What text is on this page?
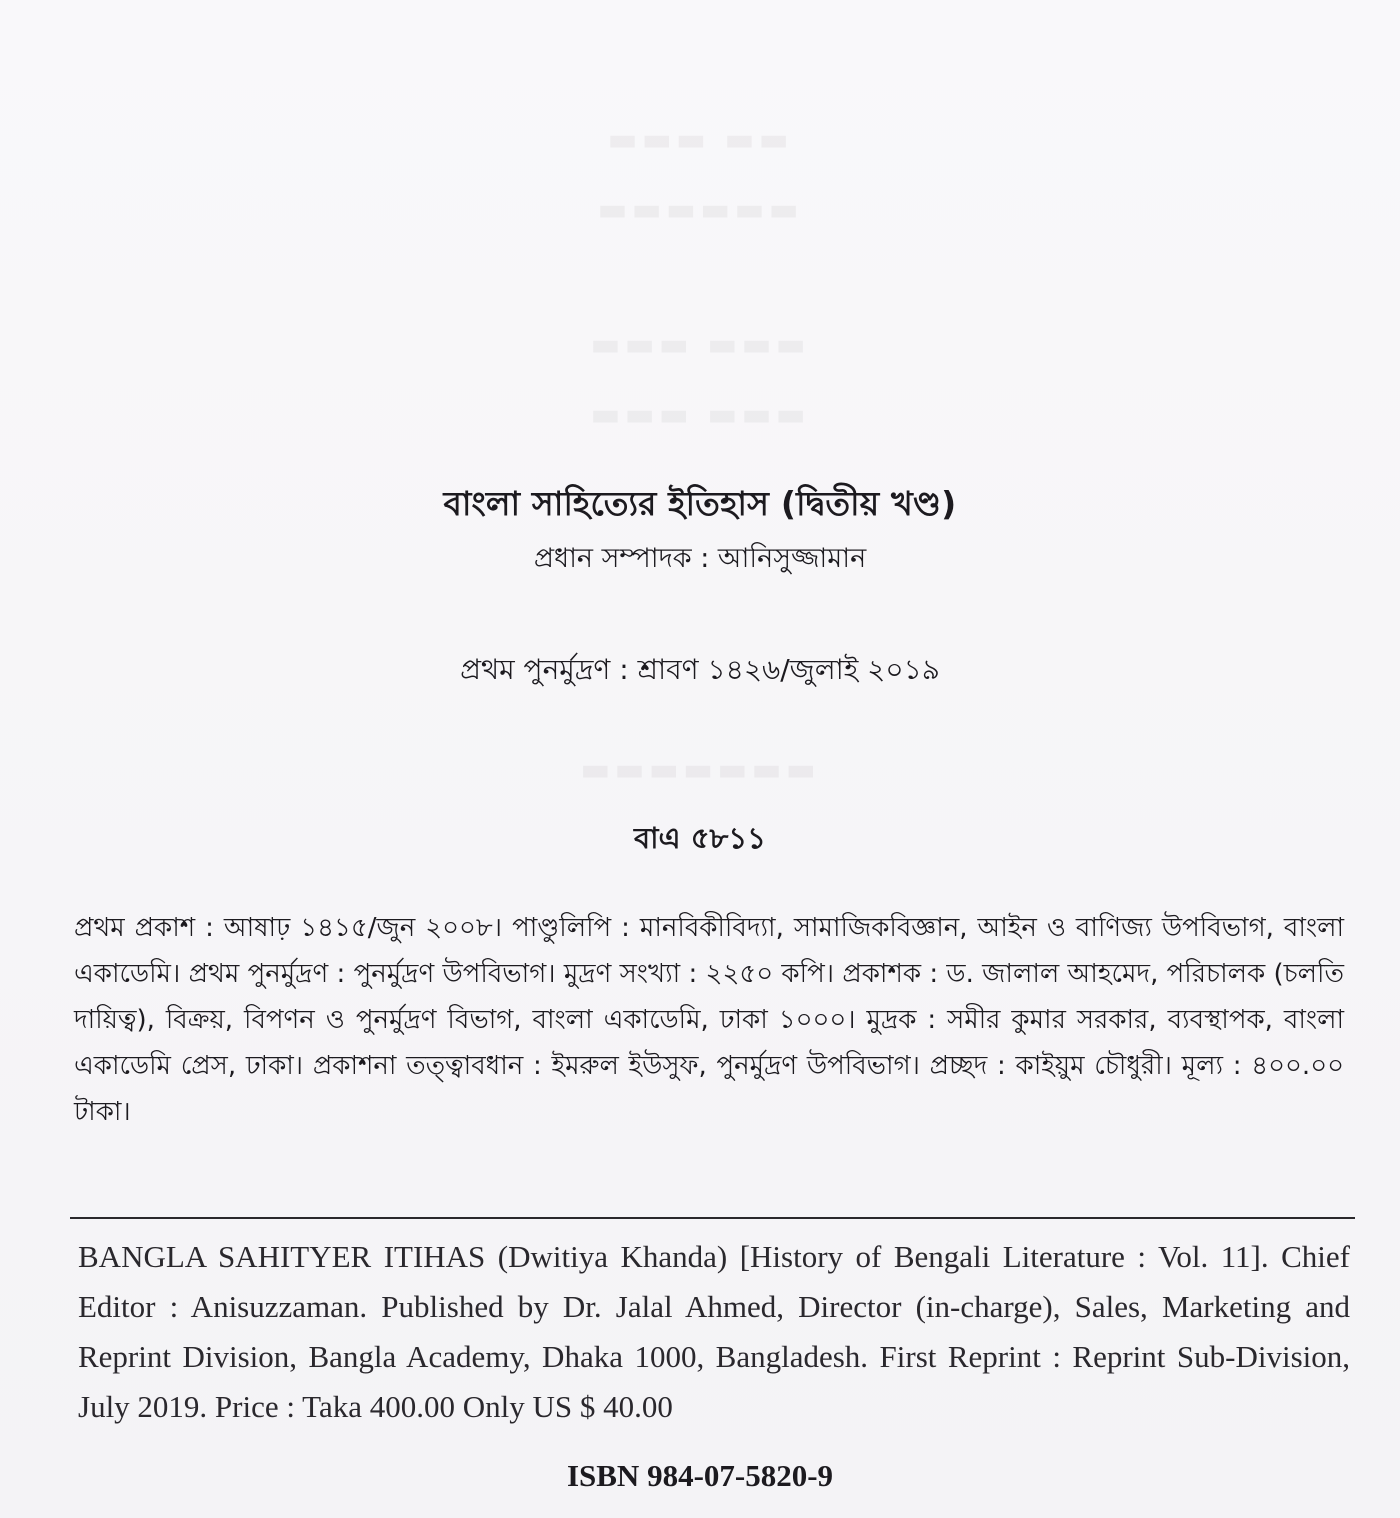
▬▬▬ ▬▬
▬▬▬▬▬▬
▬▬▬ ▬▬▬
▬▬▬ ▬▬▬
▬▬▬▬▬▬▬
বাংলা সাহিত্যের ইতিহাস (দ্বিতীয় খণ্ড)
প্রধান সম্পাদক : আনিসুজ্জামান
প্রথম পুনর্মুদ্রণ : শ্রাবণ ১৪২৬/জুলাই ২০১৯
বাএ ৫৮১১
প্রথম প্রকাশ : আষাঢ় ১৪১৫/জুন ২০০৮। পাণ্ডুলিপি : মানবিকীবিদ্যা, সামাজিকবিজ্ঞান, আইন ও বাণিজ্য উপবিভাগ, বাংলা একাডেমি। প্রথম পুনর্মুদ্রণ : পুনর্মুদ্রণ উপবিভাগ। মুদ্রণ সংখ্যা : ২২৫০ কপি। প্রকাশক : ড. জালাল আহমেদ, পরিচালক (চলতি দায়িত্ব), বিক্রয়, বিপণন ও পুনর্মুদ্রণ বিভাগ, বাংলা একাডেমি, ঢাকা ১০০০। মুদ্রক : সমীর কুমার সরকার, ব্যবস্থাপক, বাংলা একাডেমি প্রেস, ঢাকা। প্রকাশনা তত্ত্বাবধান : ইমরুল ইউসুফ, পুনর্মুদ্রণ উপবিভাগ। প্রচ্ছদ : কাইয়ুম চৌধুরী। মূল্য : ৪০০.০০ টাকা।
BANGLA SAHITYER ITIHAS (Dwitiya Khanda) [History of Bengali Literature : Vol. 11]. Chief Editor : Anisuzzaman. Published by Dr. Jalal Ahmed, Director (in-charge), Sales, Marketing and Reprint Division, Bangla Academy, Dhaka 1000, Bangladesh. First Reprint : Reprint Sub-Division, July 2019. Price : Taka 400.00 Only US $ 40.00
ISBN 984-07-5820-9
